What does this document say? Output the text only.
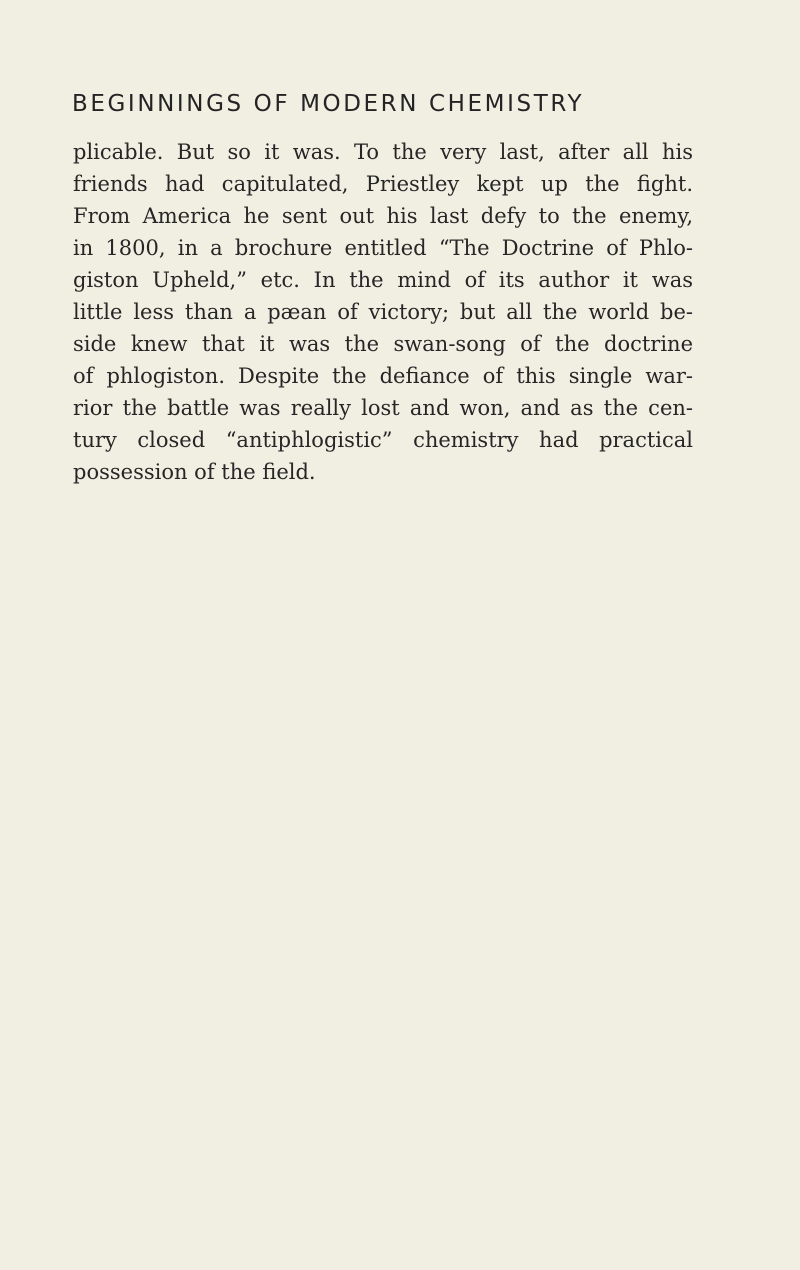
BEGINNINGS OF MODERN CHEMISTRY
plicable. But so it was. To the very last, after all his
friends had capitulated, Priestley kept up the fight.
From America he sent out his last defy to the enemy,
in 1800, in a brochure entitled “The Doctrine of Phlo-
giston Upheld,” etc. In the mind of its author it was
little less than a pæan of victory; but all the world be-
side knew that it was the swan-song of the doctrine
of phlogiston. Despite the defiance of this single war-
rior the battle was really lost and won, and as the cen-
tury closed “antiphlogistic” chemistry had practical
possession of the field.
